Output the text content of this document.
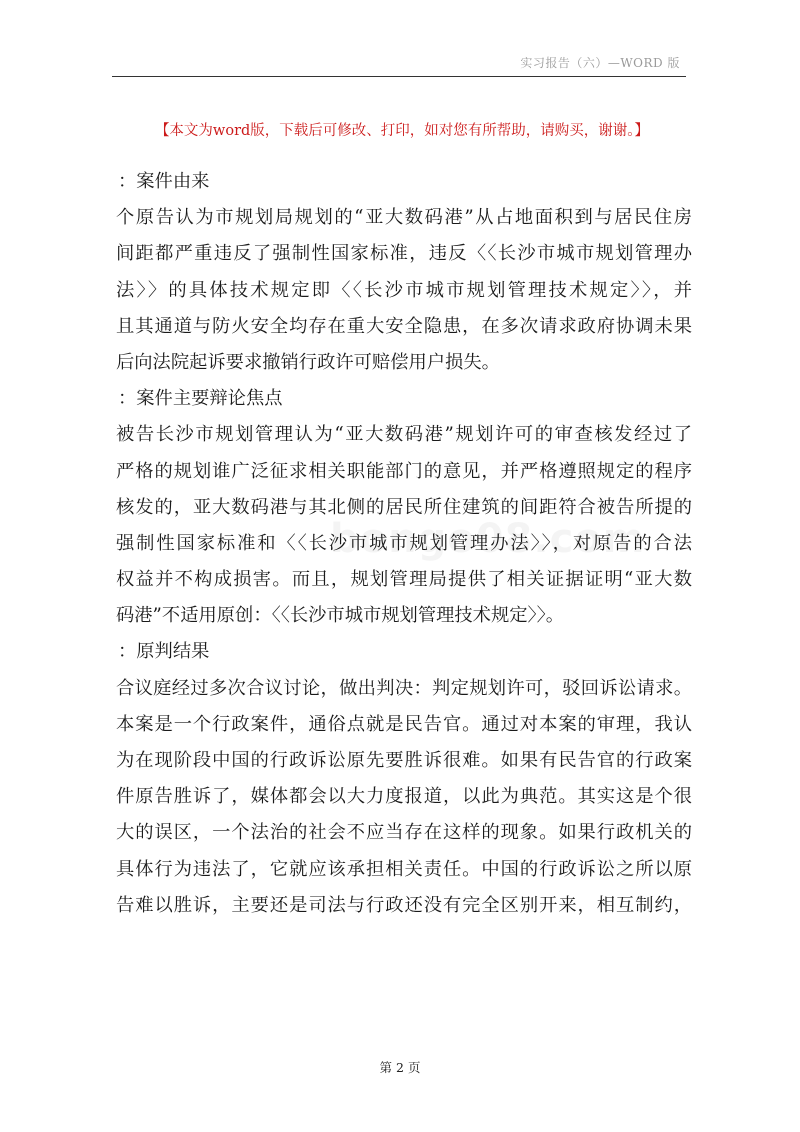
实习报告（六）—WORD 版
【本文为word版，下载后可修改、打印，如对您有所帮助，请购买，谢谢。】
：案件由来
个原告认为市规划局规划的“亚大数码港”从占地面积到与居民住房
间距都严重违反了强制性国家标准，违反〈〈长沙市城市规划管理办
法〉〉的具体技术规定即〈〈长沙市城市规划管理技术规定〉〉，并
且其通道与防火安全均存在重大安全隐患，在多次请求政府协调未果
后向法院起诉要求撤销行政许可赔偿用户损失。
：案件主要辩论焦点
被告长沙市规划管理认为“亚大数码港”规划许可的审查核发经过了
严格的规划谁广泛征求相关职能部门的意见，并严格遵照规定的程序
核发的，亚大数码港与其北侧的居民所住建筑的间距符合被告所提的
强制性国家标准和〈〈长沙市城市规划管理办法〉〉，对原告的合法
权益并不构成损害。而且，规划管理局提供了相关证据证明“亚大数
码港”不适用原创：〈〈长沙市城市规划管理技术规定〉〉。
：原判结果
合议庭经过多次合议讨论，做出判决：判定规划许可，驳回诉讼请求。
本案是一个行政案件，通俗点就是民告官。通过对本案的审理，我认
为在现阶段中国的行政诉讼原先要胜诉很难。如果有民告官的行政案
件原告胜诉了，媒体都会以大力度报道，以此为典范。其实这是个很
大的误区，一个法治的社会不应当存在这样的现象。如果行政机关的
具体行为违法了，它就应该承担相关责任。中国的行政诉讼之所以原
告难以胜诉，主要还是司法与行政还没有完全区别开来，相互制约，
第 2 页
